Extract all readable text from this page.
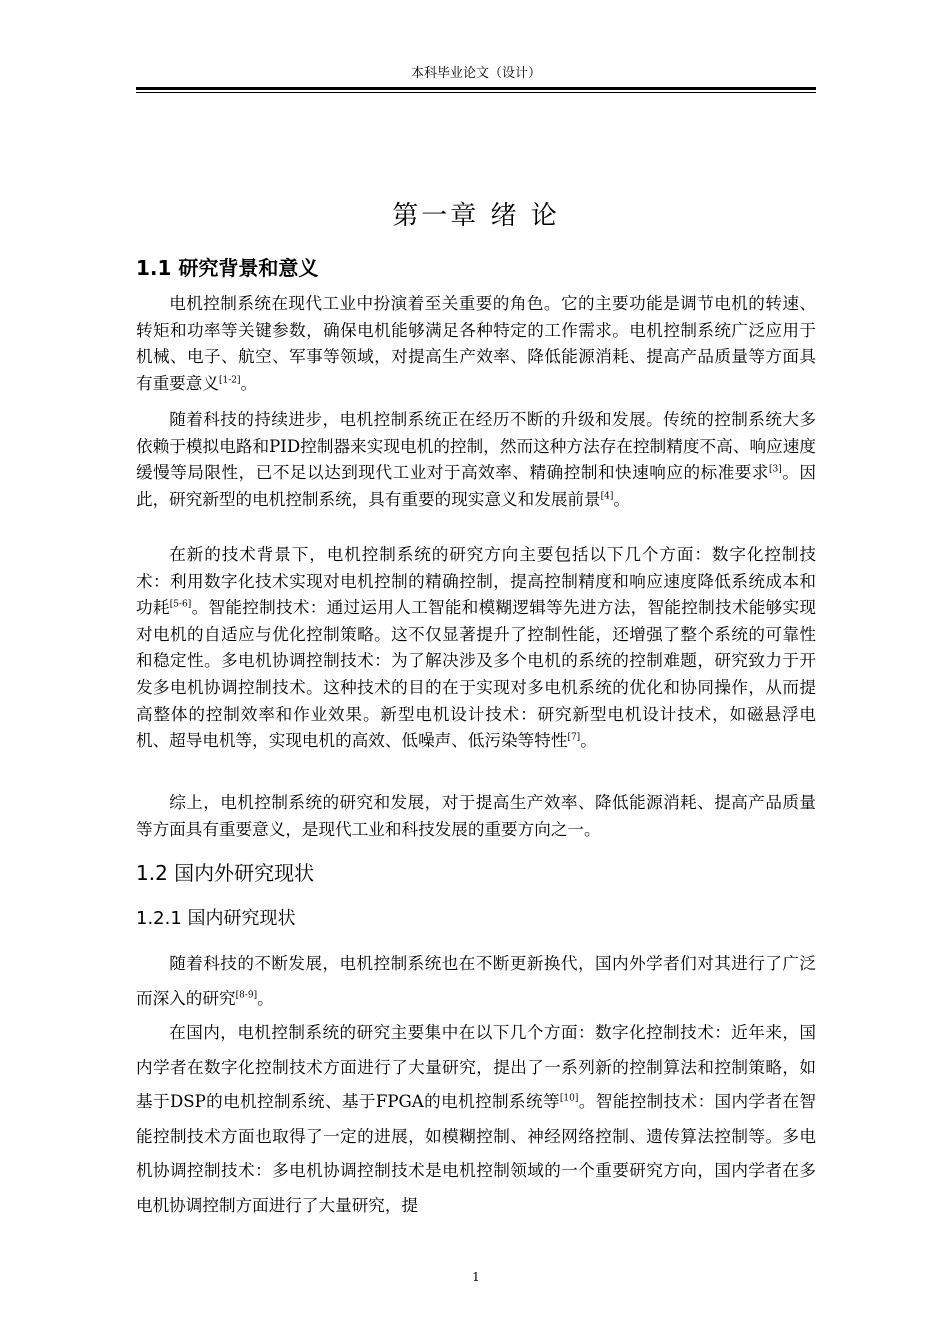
本科毕业论文（设计）
第一章 绪 论
1.1 研究背景和意义

电机控制系统在现代工业中扮演着至关重要的角色。它的主要功能是调节电机的转速、转矩和功率等关键参数，确保电机能够满足各种特定的工作需求。电机控制系统广泛应用于机械、电子、航空、军事等领域，对提高生产效率、降低能源消耗、提高产品质量等方面具有重要意义[1-2]。

随着科技的持续进步，电机控制系统正在经历不断的升级和发展。传统的控制系统大多依赖于模拟电路和PID控制器来实现电机的控制，然而这种方法存在控制精度不高、响应速度缓慢等局限性，已不足以达到现代工业对于高效率、精确控制和快速响应的标准要求[3]。因此，研究新型的电机控制系统，具有重要的现实意义和发展前景[4]。

在新的技术背景下，电机控制系统的研究方向主要包括以下几个方面：数字化控制技术：利用数字化技术实现对电机控制的精确控制，提高控制精度和响应速度降低系统成本和功耗[5-6]。智能控制技术：通过运用人工智能和模糊逻辑等先进方法，智能控制技术能够实现对电机的自适应与优化控制策略。这不仅显著提升了控制性能，还增强了整个系统的可靠性和稳定性。多电机协调控制技术：为了解决涉及多个电机的系统的控制难题，研究致力于开发多电机协调控制技术。这种技术的目的在于实现对多电机系统的优化和协同操作，从而提高整体的控制效率和作业效果。新型电机设计技术：研究新型电机设计技术，如磁悬浮电机、超导电机等，实现电机的高效、低噪声、低污染等特性[7]。

综上，电机控制系统的研究和发展，对于提高生产效率、降低能源消耗、提高产品质量等方面具有重要意义，是现代工业和科技发展的重要方向之一。

1.2 国内外研究现状
1.2.1 国内研究现状

随着科技的不断发展，电机控制系统也在不断更新换代，国内外学者们对其进行了广泛而深入的研究[8-9]。

在国内，电机控制系统的研究主要集中在以下几个方面：数字化控制技术：近年来，国内学者在数字化控制技术方面进行了大量研究，提出了一系列新的控制算法和控制策略，如基于DSP的电机控制系统、基于FPGA的电机控制系统等[10]。智能控制技术：国内学者在智能控制技术方面也取得了一定的进展，如模糊控制、神经网络控制、遗传算法控制等。多电机协调控制技术：多电机协调控制技术是电机控制领域的一个重要研究方向，国内学者在多电机协调控制方面进行了大量研究，提

1
